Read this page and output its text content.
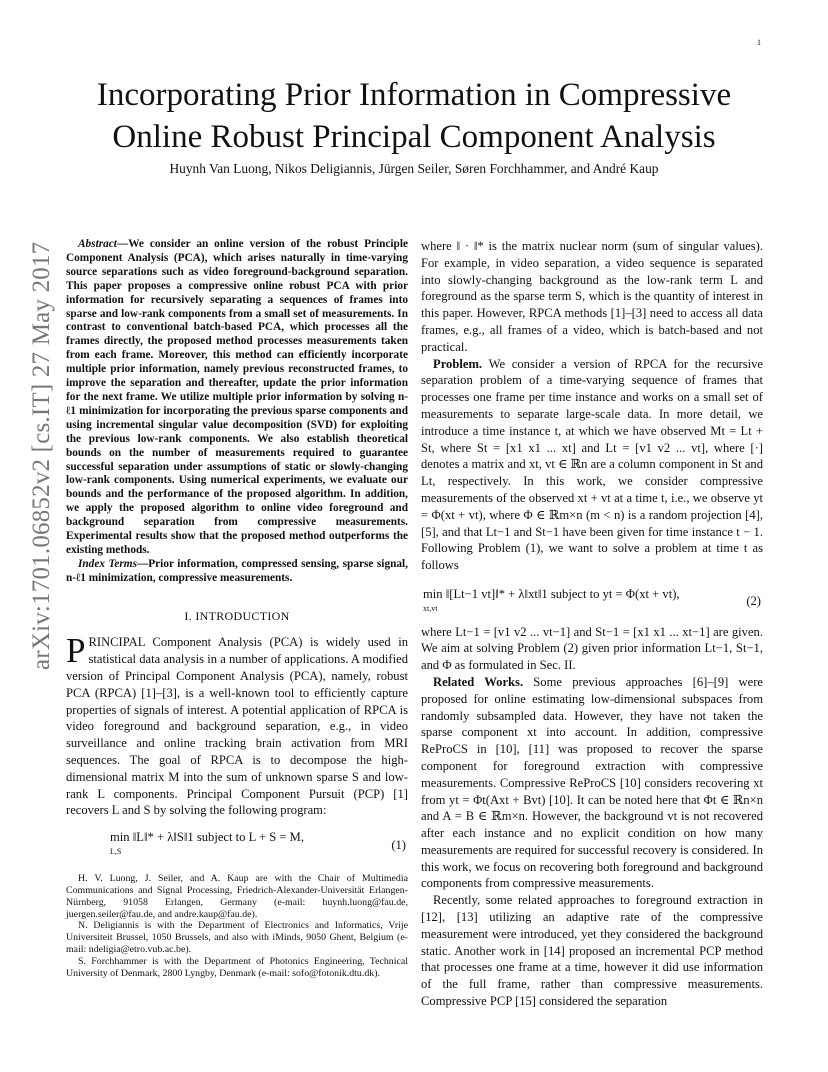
1
arXiv:1701.06852v2 [cs.IT] 27 May 2017
Incorporating Prior Information in Compressive
Online Robust Principal Component Analysis
Huynh Van Luong, Nikos Deligiannis, Jürgen Seiler, Søren Forchhammer, and André Kaup

Abstract—We consider an online version of the robust Principle Component Analysis (PCA), which arises naturally in time-varying source separations such as video foreground-background separation. This paper proposes a compressive online robust PCA with prior information for recursively separating a sequences of frames into sparse and low-rank components from a small set of measurements. In contrast to conventional batch-based PCA, which processes all the frames directly, the proposed method processes measurements taken from each frame. Moreover, this method can efficiently incorporate multiple prior information, namely previous reconstructed frames, to improve the separation and thereafter, update the prior information for the next frame. We utilize multiple prior information by solving n-ℓ1 minimization for incorporating the previous sparse components and using incremental singular value decomposition (SVD) for exploiting the previous low-rank components. We also establish theoretical bounds on the number of measurements required to guarantee successful separation under assumptions of static or slowly-changing low-rank components. Using numerical experiments, we evaluate our bounds and the performance of the proposed algorithm. In addition, we apply the proposed algorithm to online video foreground and background separation from compressive measurements. Experimental results show that the proposed method outperforms the existing methods.

Index Terms—Prior information, compressed sensing, sparse signal, n-ℓ1 minimization, compressive measurements.

I. INTRODUCTION

PRINCIPAL Component Analysis (PCA) is widely used in statistical data analysis in a number of applications. A modified version of Principal Component Analysis (PCA), namely, robust PCA (RPCA) [1]–[3], is a well-known tool to efficiently capture properties of signals of interest. A potential application of RPCA is video foreground and background separation, e.g., in video surveillance and online tracking brain activation from MRI sequences. The goal of RPCA is to decompose the high-dimensional matrix M into the sum of unknown sparse S and low-rank L components. Principal Component Pursuit (PCP) [1] recovers L and S by solving the following program:

min ‖L‖* + λ‖S‖1 subject to L + S = M,
L,S	(1)

H. V. Luong, J. Seiler, and A. Kaup are with the Chair of Multimedia Communications and Signal Processing, Friedrich-Alexander-Universität Erlangen-Nürnberg, 91058 Erlangen, Germany (e-mail: huynh.luong@fau.de, juergen.seiler@fau.de, and andre.kaup@fau.de).

N. Deligiannis is with the Department of Electronics and Informatics, Vrije Universiteit Brussel, 1050 Brussels, and also with iMinds, 9050 Ghent, Belgium (e-mail: ndeligia@etro.vub.ac.be).

S. Forchhammer is with the Department of Photonics Engineering, Technical University of Denmark, 2800 Lyngby, Denmark (e-mail: sofo@fotonik.dtu.dk).

where ‖ · ‖* is the matrix nuclear norm (sum of singular values). For example, in video separation, a video sequence is separated into slowly-changing background as the low-rank term L and foreground as the sparse term S, which is the quantity of interest in this paper. However, RPCA methods [1]–[3] need to access all data frames, e.g., all frames of a video, which is batch-based and not practical.

Problem. We consider a version of RPCA for the recursive separation problem of a time-varying sequence of frames that processes one frame per time instance and works on a small set of measurements to separate large-scale data. In more detail, we introduce a time instance t, at which we have observed Mt = Lt + St, where St = [x1 x1 ... xt] and Lt = [v1 v2 ... vt], where [·] denotes a matrix and xt, vt ∈ ℝn are a column component in St and Lt, respectively. In this work, we consider compressive measurements of the observed xt + vt at a time t, i.e., we observe yt = Φ(xt + vt), where Φ ∈ ℝm×n (m < n) is a random projection [4], [5], and that Lt−1 and St−1 have been given for time instance t − 1. Following Problem (1), we want to solve a problem at time t as follows

min ‖[Lt−1 vt]‖* + λ‖xt‖1 subject to yt = Φ(xt + vt),
xt,vt	(2)

where Lt−1 = [v1 v2 ... vt−1] and St−1 = [x1 x1 ... xt−1] are given. We aim at solving Problem (2) given prior information Lt−1, St−1, and Φ as formulated in Sec. II.

Related Works. Some previous approaches [6]–[9] were proposed for online estimating low-dimensional subspaces from randomly subsampled data. However, they have not taken the sparse component xt into account. In addition, compressive ReProCS in [10], [11] was proposed to recover the sparse component for foreground extraction with compressive measurements. Compressive ReProCS [10] considers recovering xt from yt = Φt(Axt + Bvt) [10]. It can be noted here that Φt ∈ ℝn×n and A = B ∈ ℝm×n. However, the background vt is not recovered after each instance and no explicit condition on how many measurements are required for successful recovery is considered. In this work, we focus on recovering both foreground and background components from compressive measurements.

Recently, some related approaches to foreground extraction in [12], [13] utilizing an adaptive rate of the compressive measurement were introduced, yet they considered the background static. Another work in [14] proposed an incremental PCP method that processes one frame at a time, however it did use information of the full frame, rather than compressive measurements. Compressive PCP [15] considered the separation
